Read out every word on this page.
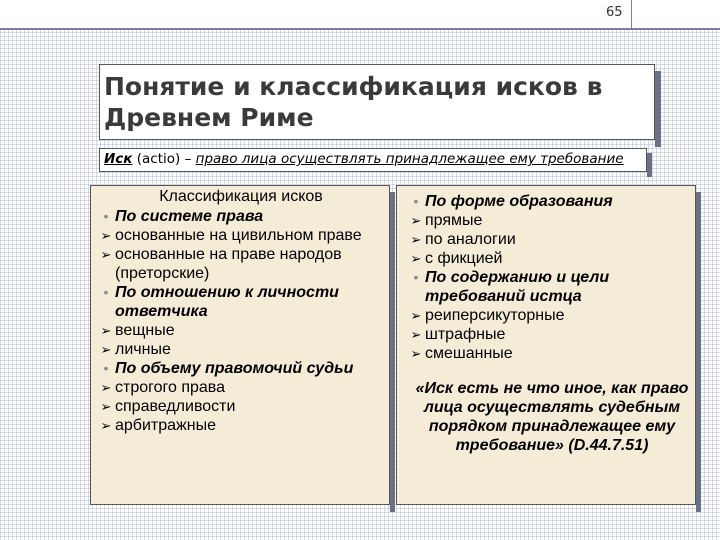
65
Понятие и классификация исков в Древнем Риме
Иск (actio) – право лица осуществлять принадлежащее ему требование
Классификация исков
• По системе права
➢ основанные на цивильном праве
➢ основанные на праве народов (преторские)
• По отношению к личности ответчика
➢ вещные
➢ личные
• По объему правомочий судьи
➢ строгого права
➢ справедливости
➢ арбитражные
• По форме образования
➢ прямые
➢ по аналогии
➢ с фикцией
• По содержанию и цели требований истца
➢ реиперсикуторные
➢ штрафные
➢ смешанные
«Иск есть не что иное, как право лица осуществлять судебным порядком принадлежащее ему требование» (D.44.7.51)
